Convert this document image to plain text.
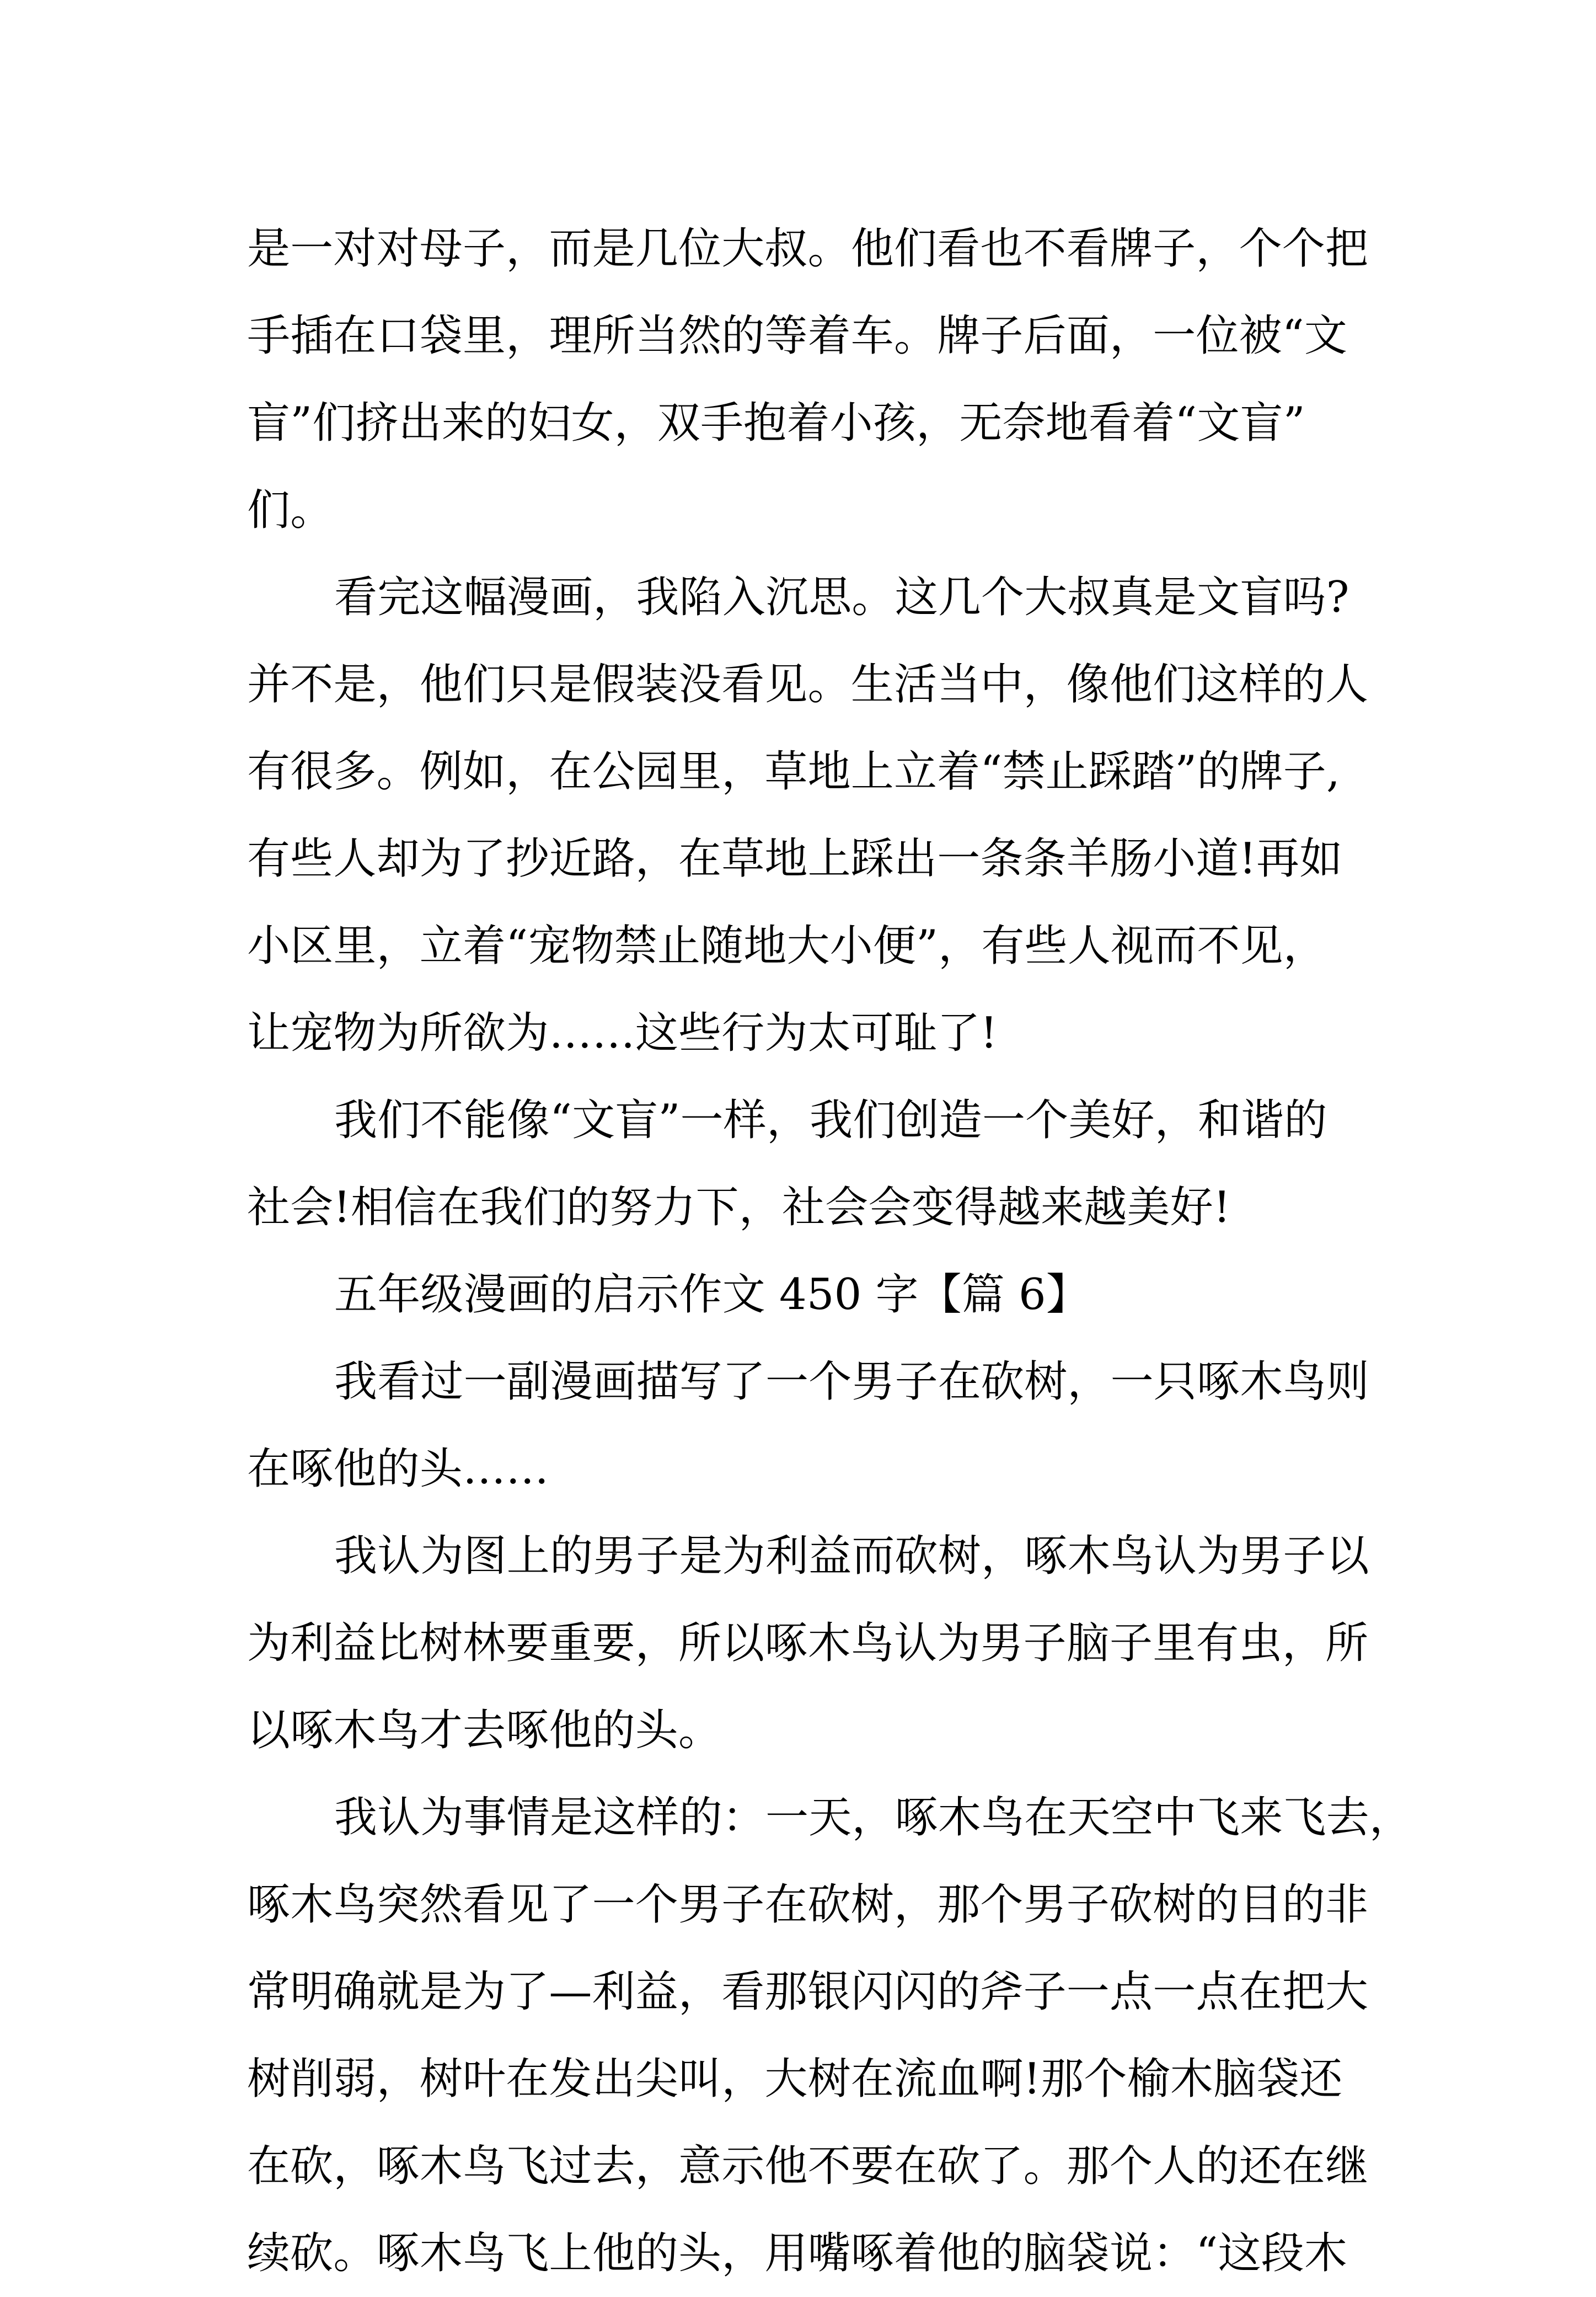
是一对对母子，而是几位大叔。他们看也不看牌子，个个把
手插在口袋里，理所当然的等着车。牌子后面，一位被“文
盲”们挤出来的妇女，双手抱着小孩，无奈地看着“文盲”
们。
看完这幅漫画，我陷入沉思。这几个大叔真是文盲吗?
并不是，他们只是假装没看见。生活当中，像他们这样的人
有很多。例如，在公园里，草地上立着“禁止踩踏”的牌子,
有些人却为了抄近路，在草地上踩出一条条羊肠小道!再如
小区里，立着“宠物禁止随地大小便”，有些人视而不见，
让宠物为所欲为……这些行为太可耻了!
我们不能像“文盲”一样，我们创造一个美好，和谐的
社会!相信在我们的努力下，社会会变得越来越美好!
五年级漫画的启示作文 450 字【篇 6】
我看过一副漫画描写了一个男子在砍树，一只啄木鸟则
在啄他的头……
我认为图上的男子是为利益而砍树，啄木鸟认为男子以
为利益比树林要重要，所以啄木鸟认为男子脑子里有虫，所
以啄木鸟才去啄他的头。
我认为事情是这样的：一天，啄木鸟在天空中飞来飞去，
啄木鸟突然看见了一个男子在砍树，那个男子砍树的目的非
常明确就是为了—利益，看那银闪闪的斧子一点一点在把大
树削弱，树叶在发出尖叫，大树在流血啊!那个榆木脑袋还
在砍，啄木鸟飞过去，意示他不要在砍了。那个人的还在继
续砍。啄木鸟飞上他的头，用嘴啄着他的脑袋说：“这段木
